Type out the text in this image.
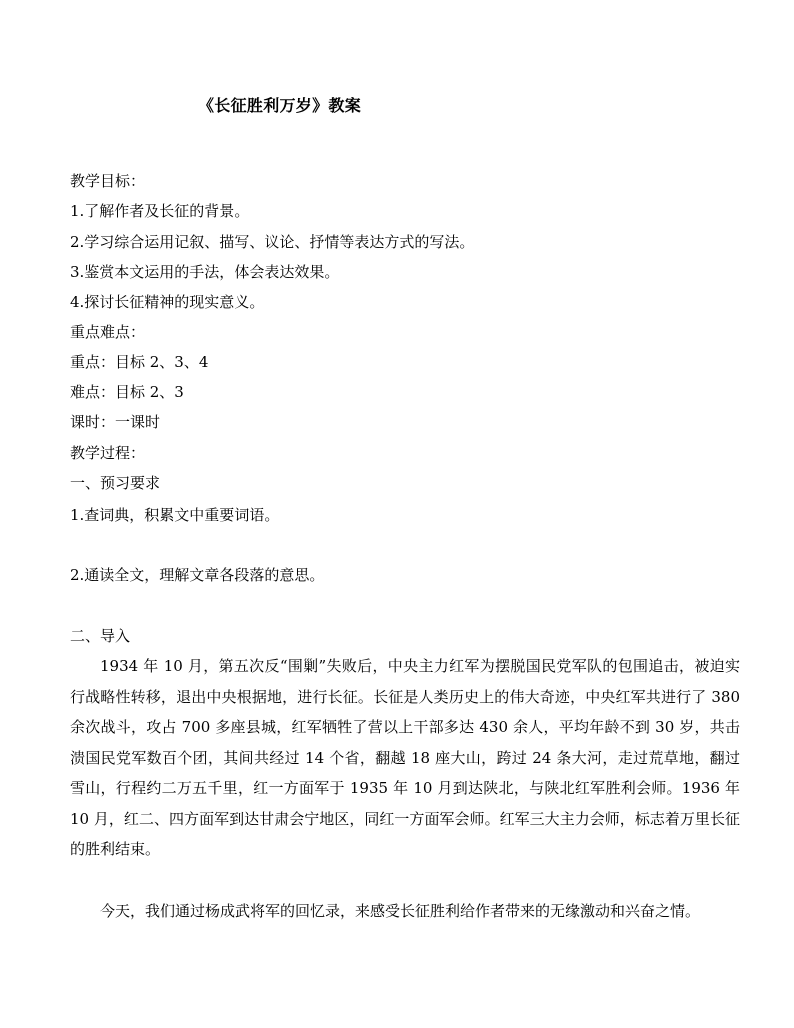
《长征胜利万岁》教案
教学目标：
1.了解作者及长征的背景。
2.学习综合运用记叙、描写、议论、抒情等表达方式的写法。
3.鉴赏本文运用的手法，体会表达效果。
4.探讨长征精神的现实意义。
重点难点：
重点：目标 2、3、4
难点：目标 2、3
课时：一课时
教学过程：
一、预习要求
1.查词典，积累文中重要词语。
2.通读全文，理解文章各段落的意思。
二、导入
1934 年 10 月，第五次反“围剿”失败后，中央主力红军为摆脱国民党军队的包围追击，被迫实行战略性转移，退出中央根据地，进行长征。长征是人类历史上的伟大奇迹，中央红军共进行了 380 余次战斗，攻占 700 多座县城，红军牺牲了营以上干部多达 430 余人，平均年龄不到 30 岁，共击溃国民党军数百个团，其间共经过 14 个省，翻越 18 座大山，跨过 24 条大河，走过荒草地，翻过雪山，行程约二万五千里，红一方面军于 1935 年 10 月到达陕北，与陕北红军胜利会师。1936 年 10 月，红二、四方面军到达甘肃会宁地区，同红一方面军会师。红军三大主力会师，标志着万里长征的胜利结束。
今天，我们通过杨成武将军的回忆录，来感受长征胜利给作者带来的无缘激动和兴奋之情。
